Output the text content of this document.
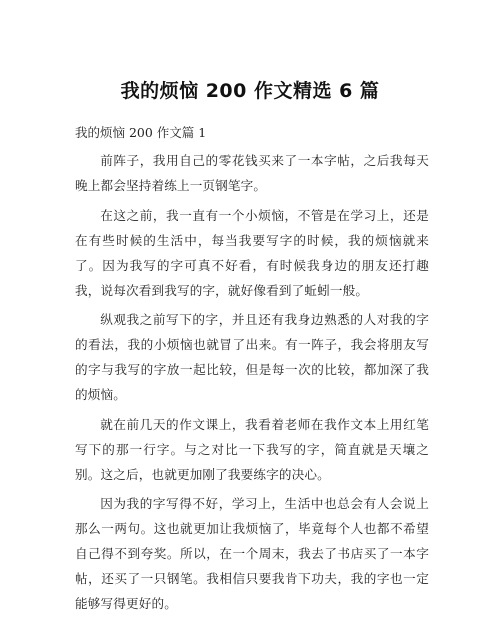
我的烦恼 200 作文精选 6 篇
我的烦恼 200 作文篇 1

前阵子，我用自己的零花钱买来了一本字帖，之后我每天晚上都会坚持着练上一页钢笔字。

在这之前，我一直有一个小烦恼，不管是在学习上，还是在有些时候的生活中，每当我要写字的时候，我的烦恼就来了。因为我写的字可真不好看，有时候我身边的朋友还打趣我，说每次看到我写的字，就好像看到了蚯蚓一般。

纵观我之前写下的字，并且还有我身边熟悉的人对我的字的看法，我的小烦恼也就冒了出来。有一阵子，我会将朋友写的字与我写的字放一起比较，但是每一次的比较，都加深了我的烦恼。

就在前几天的作文课上，我看着老师在我作文本上用红笔写下的那一行字。与之对比一下我写的字，简直就是天壤之别。这之后，也就更加刚了我要练字的决心。

因为我的字写得不好，学习上，生活中也总会有人会说上那么一两句。这也就更加让我烦恼了，毕竟每个人也都不希望自己得不到夸奖。所以，在一个周末，我去了书店买了一本字帖，还买了一只钢笔。我相信只要我肯下功夫，我的字也一定能够写得更好的。
